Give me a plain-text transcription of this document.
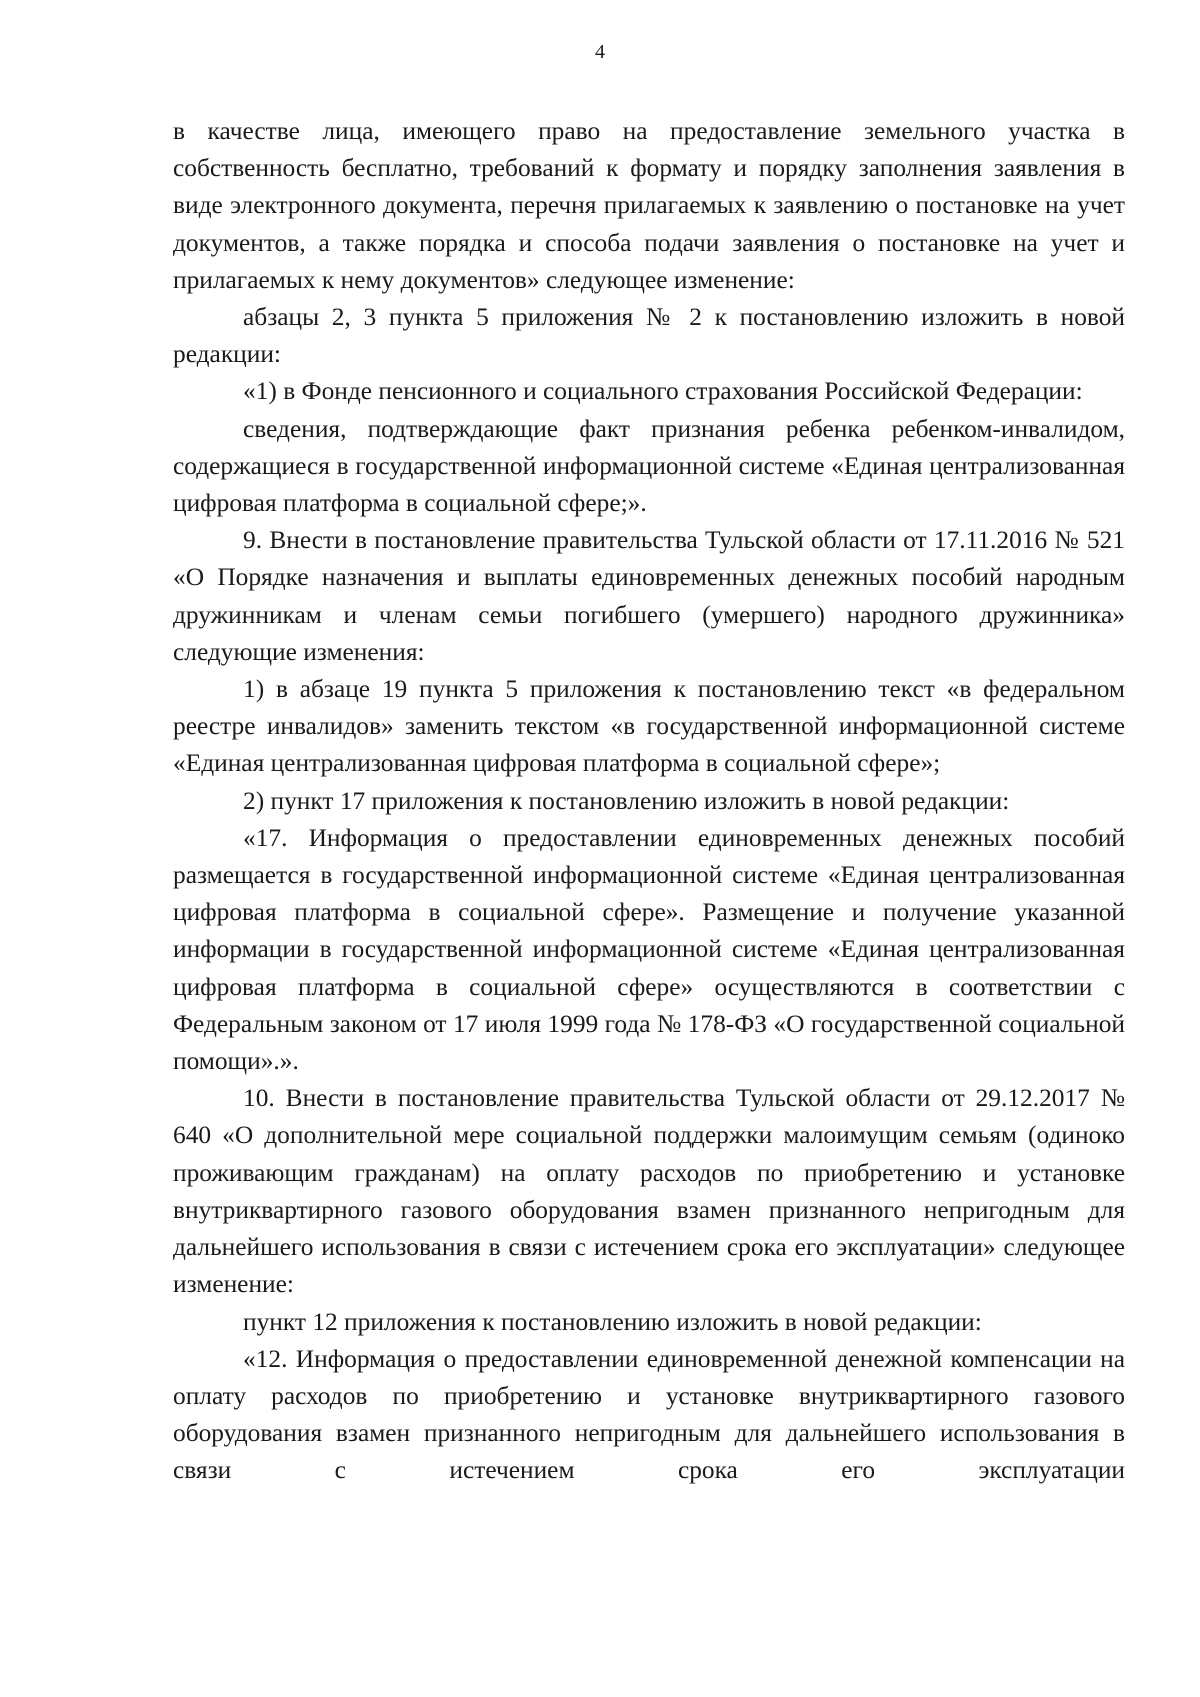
4

в качестве лица, имеющего право на предоставление земельного участка в собственность бесплатно, требований к формату и порядку заполнения заявления в виде электронного документа, перечня прилагаемых к заявлению о постановке на учет документов, а также порядка и способа подачи заявления о постановке на учет и прилагаемых к нему документов» следующее изменение:

абзацы 2, 3 пункта 5 приложения № 2 к постановлению изложить в новой редакции:

«1) в Фонде пенсионного и социального страхования Российской Федерации:

сведения, подтверждающие факт признания ребенка ребенком-инвалидом, содержащиеся в государственной информационной системе «Единая централизованная цифровая платформа в социальной сфере;».

9. Внести в постановление правительства Тульской области от 17.11.2016 № 521 «О Порядке назначения и выплаты единовременных денежных пособий народным дружинникам и членам семьи погибшего (умершего) народного дружинника» следующие изменения:

1) в абзаце 19 пункта 5 приложения к постановлению текст «в федеральном реестре инвалидов» заменить текстом «в государственной информационной системе «Единая централизованная цифровая платформа в социальной сфере»;

2) пункт 17 приложения к постановлению изложить в новой редакции:

«17. Информация о предоставлении единовременных денежных пособий размещается в государственной информационной системе «Единая централизованная цифровая платформа в социальной сфере». Размещение и получение указанной информации в государственной информационной системе «Единая централизованная цифровая платформа в социальной сфере» осуществляются в соответствии с Федеральным законом от 17 июля 1999 года № 178-ФЗ «О государственной социальной помощи».».

10. Внести в постановление правительства Тульской области от 29.12.2017 № 640 «О дополнительной мере социальной поддержки малоимущим семьям (одиноко проживающим гражданам) на оплату расходов по приобретению и установке внутриквартирного газового оборудования взамен признанного непригодным для дальнейшего использования в связи с истечением срока его эксплуатации» следующее изменение:

пункт 12 приложения к постановлению изложить в новой редакции:

«12. Информация о предоставлении единовременной денежной компенсации на оплату расходов по приобретению и установке внутриквартирного газового оборудования взамен признанного непригодным для дальнейшего использования в связи с истечением срока его эксплуатации
